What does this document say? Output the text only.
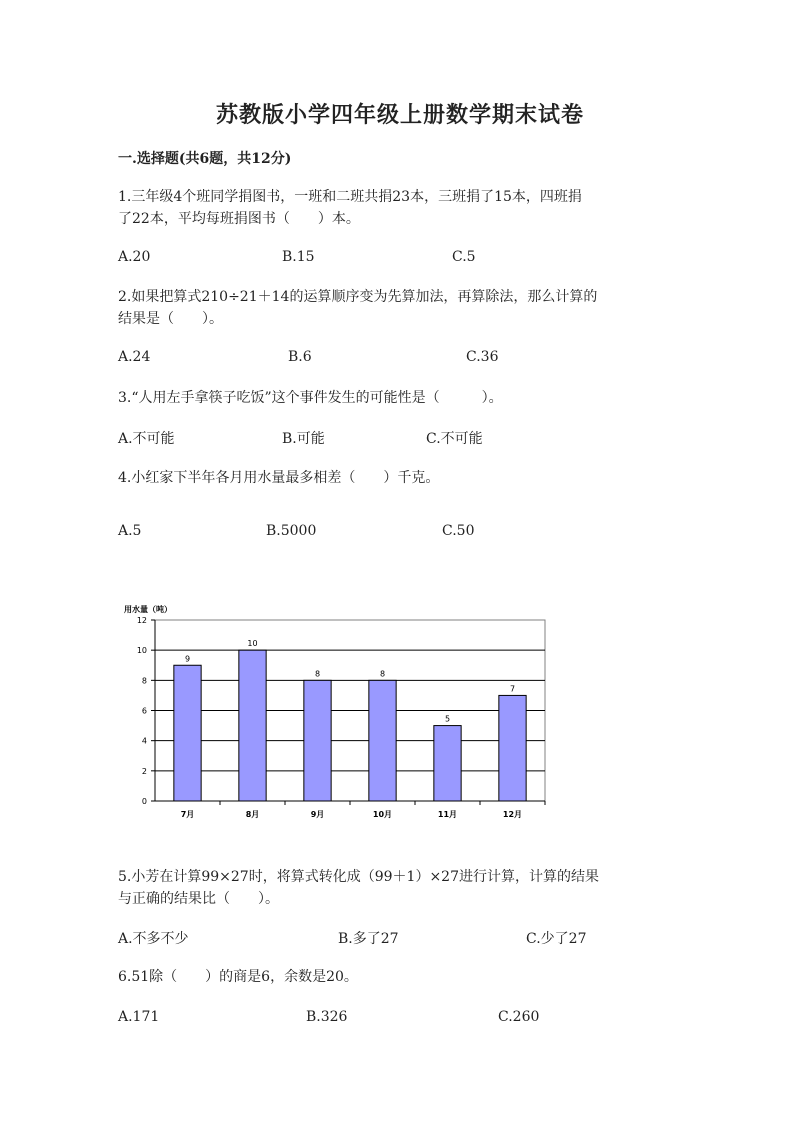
苏教版小学四年级上册数学期末试卷
一.选择题(共6题，共12分)
1.三年级4个班同学捐图书，一班和二班共捐23本，三班捐了15本，四班捐
了22本，平均每班捐图书（　　）本。
A.20	B.15	C.5
2.如果把算式210÷21＋14的运算顺序变为先算加法，再算除法，那么计算的
结果是（　　）。
A.24	B.6	C.36
3.“人用左手拿筷子吃饭”这个事件发生的可能性是（　　　）。
A.不可能	B.可能	C.不可能
4.小红家下半年各月用水量最多相差（　　）千克。
A.5	B.5000	C.50
用水量（吨）
0
2
4
6
8
10
12
9
7月
10
8月
8
9月
8
10月
5
11月
7
12月
5.小芳在计算99×27时，将算式转化成（99＋1）×27进行计算，计算的结果
与正确的结果比（　　）。
A.不多不少	B.多了27	C.少了27
6.51除（　　）的商是6，余数是20。
A.171	B.326	C.260
